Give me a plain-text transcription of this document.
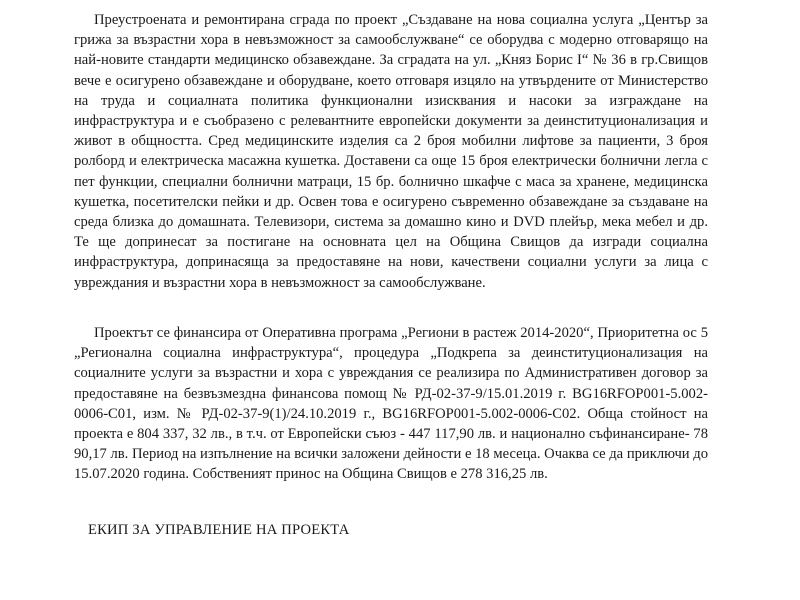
Преустроената и ремонтирана сграда по проект „Създаване на нова социална услуга „Център за грижа за възрастни хора в невъзможност за самообслужване“ се оборудва с модерно отговарящо на най-новите стандарти медицинско обзавеждане. За сградата на ул. „Княз Борис I“ № 36 в гр.Свищов вече е осигурено обзавеждане и оборудване, което отговаря изцяло на утвърдените от Министерство на труда и социалната политика функционални изисквания и насоки за изграждане на инфраструктура и е съобразено с релевантните европейски документи за деинституционализация и живот в общността. Сред медицинските изделия са 2 броя мобилни лифтове за пациенти, 3 броя ролборд и електрическа масажна кушетка. Доставени са още 15 броя електрически болнични легла с пет функции, специални болнични матраци, 15 бр. болнично шкафче с маса за хранене, медицинска кушетка, посетителски пейки и др. Освен това е осигурено съвременно обзавеждане за създаване на среда близка до домашната. Телевизори, система за домашно кино и DVD плейър, мека мебел и др. Те ще допринесат за постигане на основната цел на Община Свищов да изгради социална инфраструктура, допринасяща за предоставяне на нови, качествени социални услуги за лица с увреждания и възрастни хора в невъзможност за самообслужване.

Проектът се финансира от Оперативна програма „Региони в растеж 2014-2020“, Приоритетна ос 5 „Регионална социална инфраструктура“, процедура „Подкрепа за деинституционализация на социалните услуги за възрастни и хора с увреждания се реализира по Административен договор за предоставяне на безвъзмездна финансова помощ № РД-02-37-9/15.01.2019 г. BG16RFOP001-5.002-0006-C01, изм. № РД-02-37-9(1)/24.10.2019 г., BG16RFOP001-5.002-0006-C02. Обща стойност на проекта е 804 337, 32 лв., в т.ч. от Европейски съюз - 447 117,90 лв. и национално съфинансиране- 78 90,17 лв. Период на изпълнение на всички заложени дейности е 18 месеца. Очаква се да приключи до 15.07.2020 година. Собственият принос на Община Свищов е 278 316,25 лв.

ЕКИП ЗА УПРАВЛЕНИЕ НА ПРОЕКТА
